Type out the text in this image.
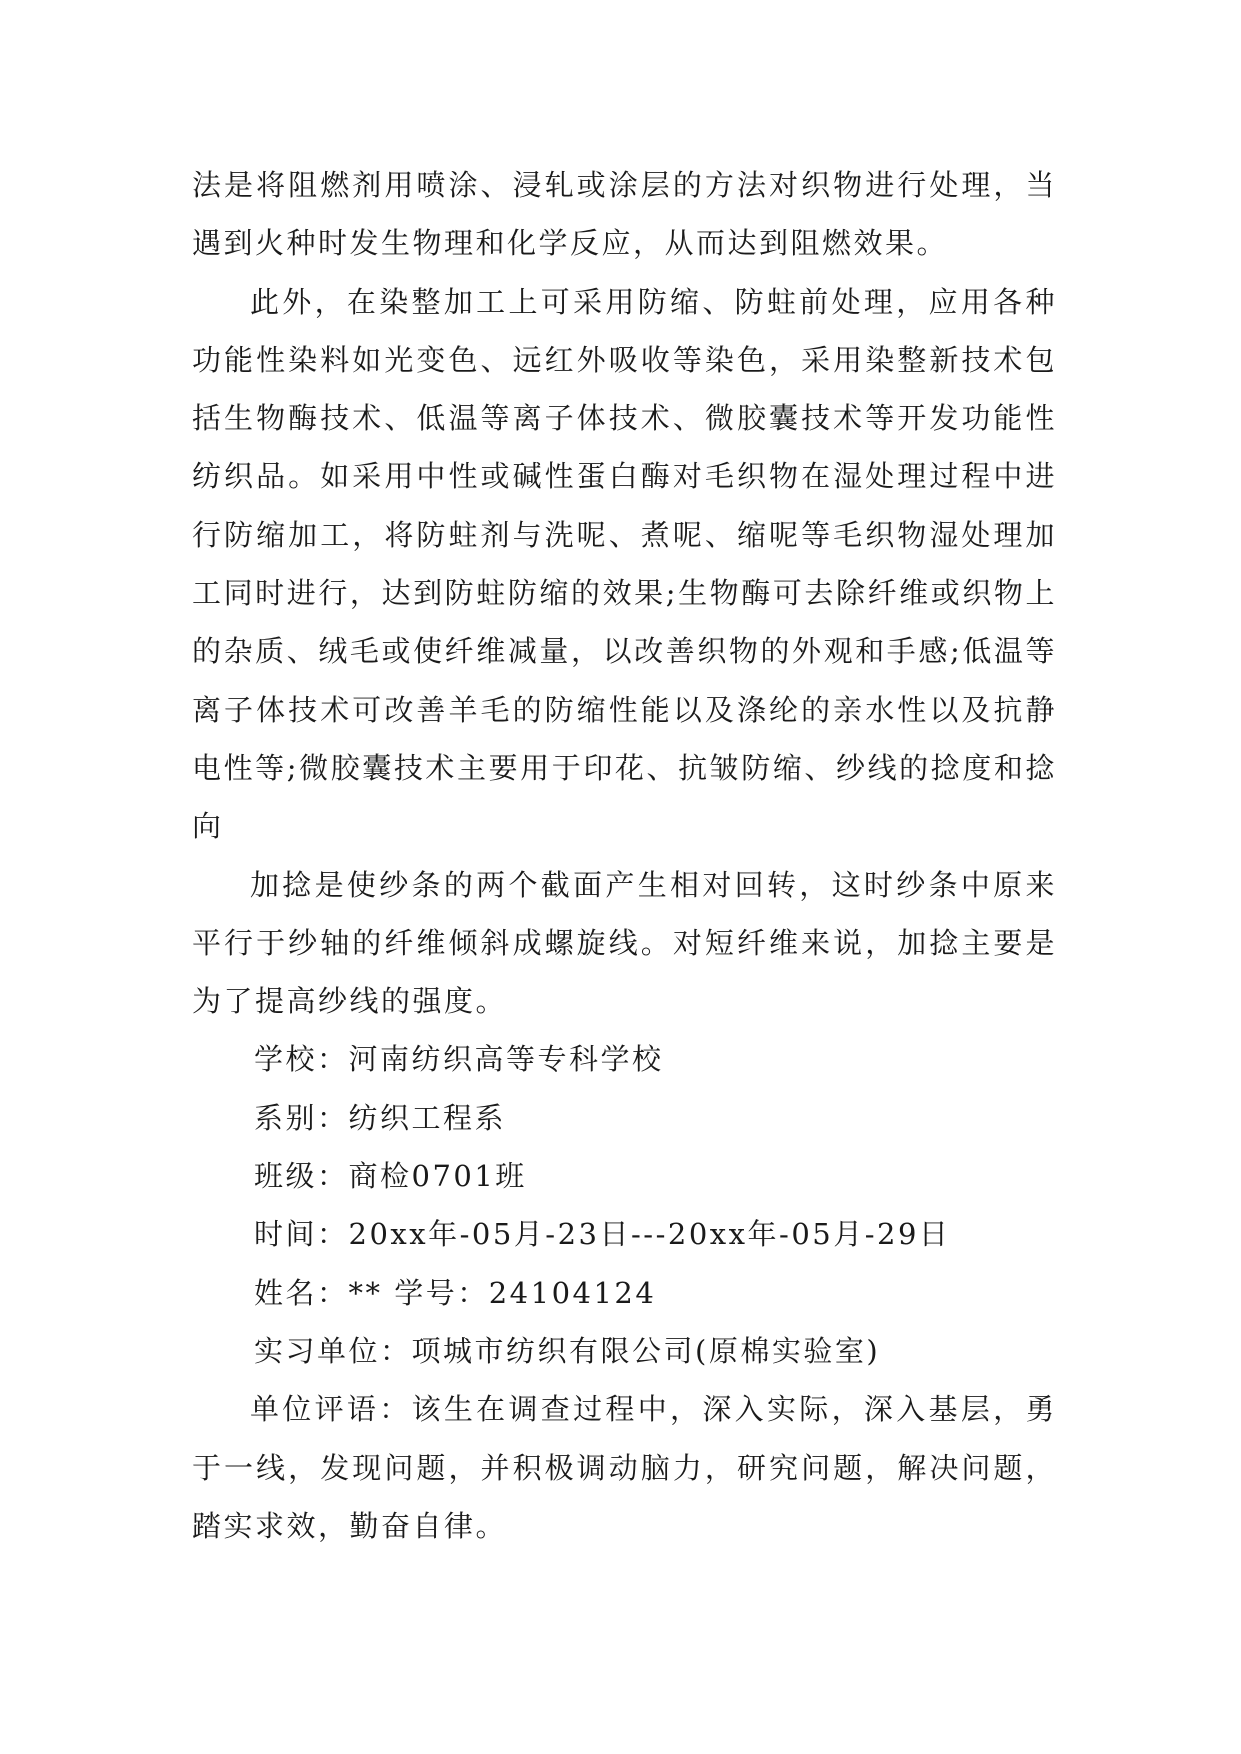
法是将阻燃剂用喷涂、浸轧或涂层的方法对织物进行处理，当遇到火种时发生物理和化学反应，从而达到阻燃效果。

此外，在染整加工上可采用防缩、防蛀前处理，应用各种功能性染料如光变色、远红外吸收等染色，采用染整新技术包括生物酶技术、低温等离子体技术、微胶囊技术等开发功能性纺织品。如采用中性或碱性蛋白酶对毛织物在湿处理过程中进行防缩加工，将防蛀剂与洗呢、煮呢、缩呢等毛织物湿处理加工同时进行，达到防蛀防缩的效果;生物酶可去除纤维或织物上的杂质、绒毛或使纤维减量，以改善织物的外观和手感;低温等离子体技术可改善羊毛的防缩性能以及涤纶的亲水性以及抗静电性等;微胶囊技术主要用于印花、抗皱防缩、纱线的捻度和捻向

加捻是使纱条的两个截面产生相对回转，这时纱条中原来平行于纱轴的纤维倾斜成螺旋线。对短纤维来说，加捻主要是为了提高纱线的强度。

学校：河南纺织高等专科学校

系别：纺织工程系

班级：商检0701班

时间：20xx年-05月-23日---20xx年-05月-29日

姓名：** 学号：24104124

实习单位：项城市纺织有限公司(原棉实验室)

单位评语：该生在调查过程中，深入实际，深入基层，勇于一线，发现问题，并积极调动脑力，研究问题，解决问题，踏实求效，勤奋自律。
